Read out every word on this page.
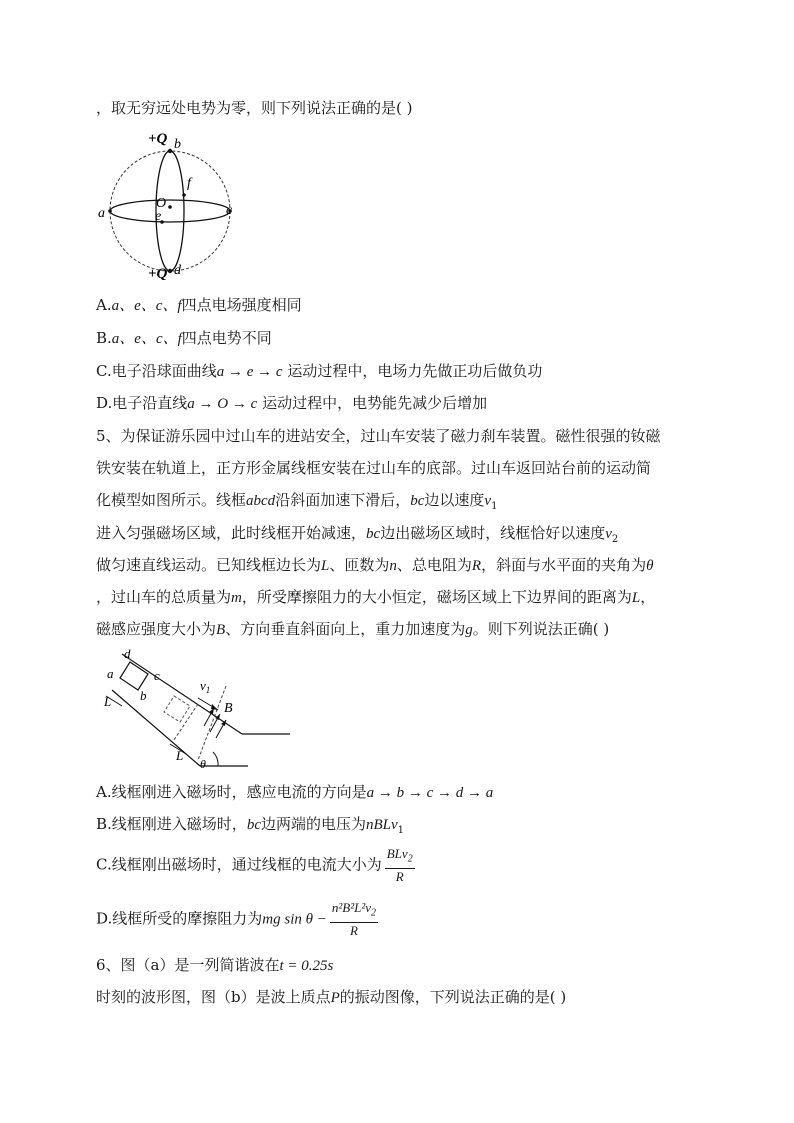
，取无穷远处电势为零，则下列说法正确的是( )
+Q b
f
O
a	e	c
+Q d
A.a、e、c、f四点电场强度相同
B.a、e、c、f四点电势不同
C.电子沿球面曲线a → e → c 运动过程中，电场力先做正功后做负功
D.电子沿直线a → O → c 运动过程中，电势能先减少后增加
5、为保证游乐园中过山车的进站安全，过山车安装了磁力刹车装置。磁性很强的钕磁
铁安装在轨道上，正方形金属线框安装在过山车的底部。过山车返回站台前的运动简
化模型如图所示。线框abcd沿斜面加速下滑后，bc边以速度$v_1$
进入匀强磁场区域，此时线框开始减速，bc边出磁场区域时，线框恰好以速度$v_2$
做匀速直线运动。已知线框边长为L、匝数为n、总电阻为R，斜面与水平面的夹角为θ
，过山车的总质量为m，所受摩擦阻力的大小恒定，磁场区域上下边界间的距离为L，
磁感应强度大小为B、方向垂直斜面向上，重力加速度为g。则下列说法正确( )
d
a	c
b
L
$v_1$
B
L
θ
A.线框刚进入磁场时，感应电流的方向是a → b → c → d → a
B.线框刚进入磁场时，bc边两端的电压为nBLv$_1$
C.线框刚出磁场时，通过线框的电流大小为 $\frac{BLv_2}{R}$
D.线框所受的摩擦阻力为mg $\sin \theta - \frac{n^2B^2L^2v_2}{R}$
6、图（a）是一列简谐波在t = 0.25s
时刻的波形图，图（b）是波上质点P的振动图像，下列说法正确的是( )
